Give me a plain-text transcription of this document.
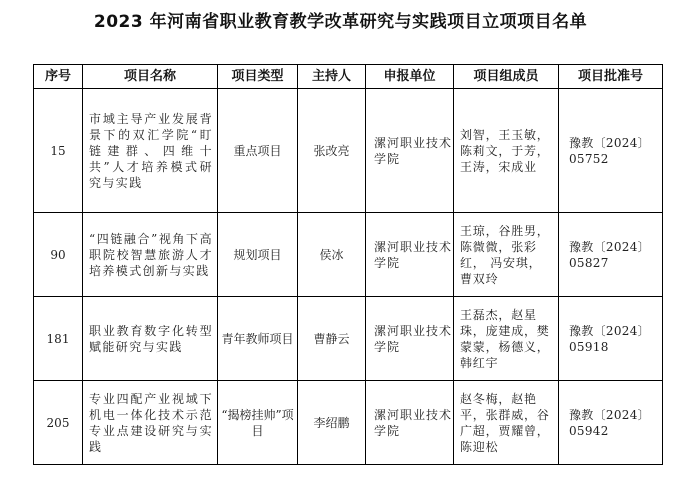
2023 年河南省职业教育教学改革研究与实践项目立项项目名单
序号	项目名称	项目类型	主持人	申报单位	项目组成员	项目批准号
15	市域主导产业发展背景下的双汇学院“盯链建群、四维十共”人才培养模式研究与实践	重点项目	张改亮	漯河职业技术学院	刘智，王玉敏，陈莉文，于芳，王涛，宋成业	豫教〔2024〕05752
90	“四链融合”视角下高职院校智慧旅游人才培养模式创新与实践	规划项目	侯冰	漯河职业技术学院	王琼，谷胜男，陈微微，张彩红， 冯安琪，曹双玲	豫教〔2024〕05827
181	职业教育数字化转型赋能研究与实践	青年教师项目	曹静云	漯河职业技术学院	王磊杰，赵星珠，庞建成，樊蒙蒙，杨德义，韩红宇	豫教〔2024〕05918
205	专业四配产业视域下机电一体化技术示范专业点建设研究与实践	“揭榜挂帅”项目	李绍鹏	漯河职业技术学院	赵冬梅，赵艳平，张群威，谷广超，贾耀曾，陈迎松	豫教〔2024〕05942
